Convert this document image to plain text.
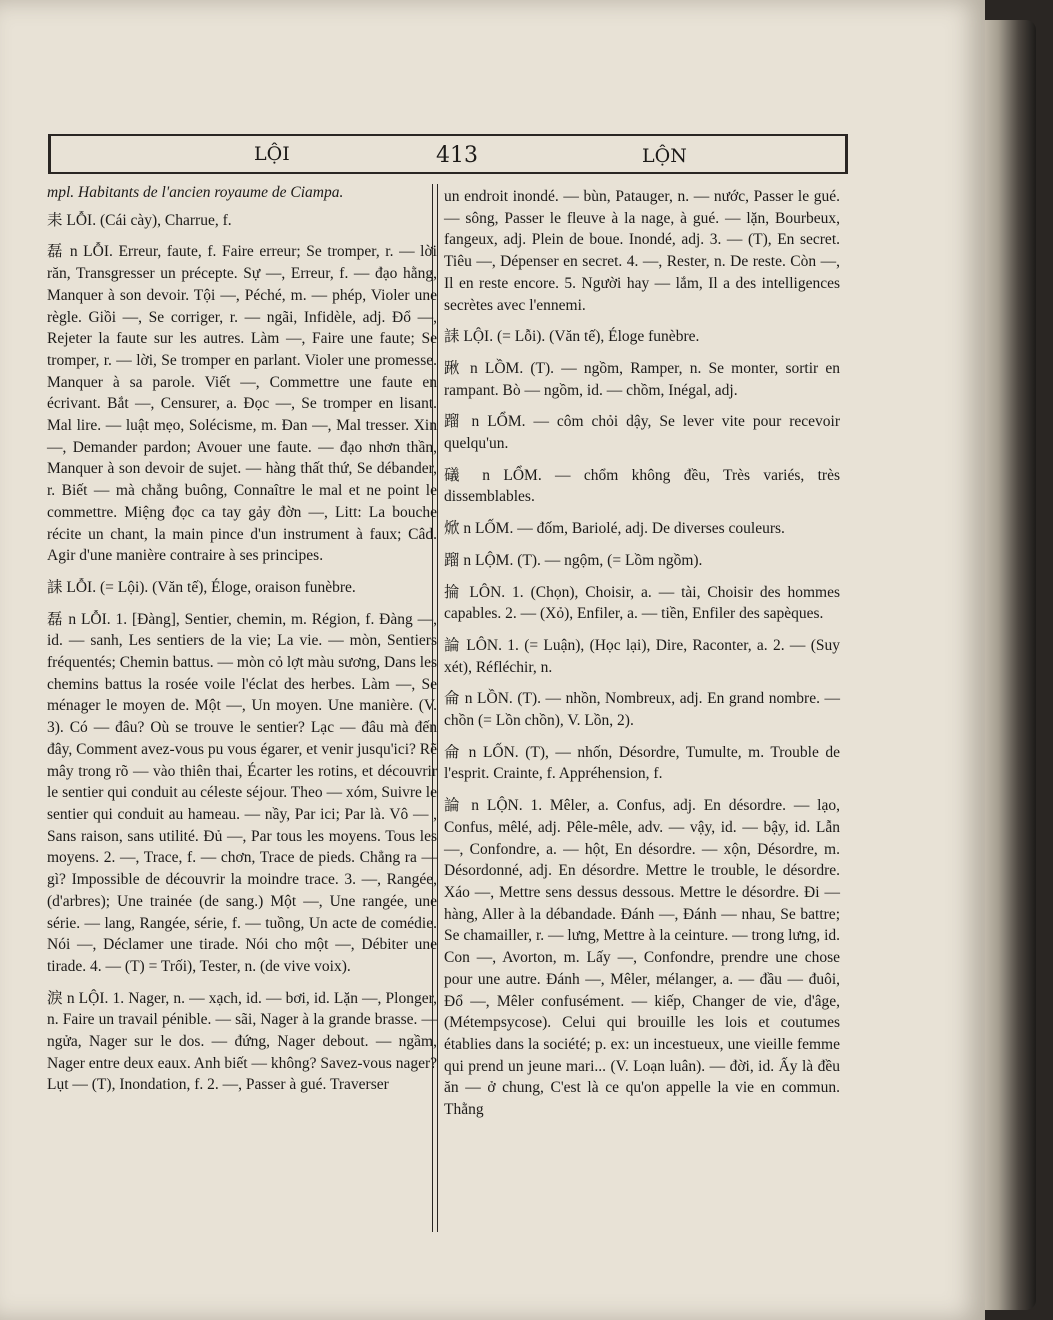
LỘI	413	LỘN
mpl. Habitants de l'ancien royaume de Ciampa.
耒 LỖI. (Cái cày), Charrue, f.
磊 n LỖI. Erreur, faute, f. Faire erreur; Se tromper, r. — lời răn, Transgresser un précepte. Sự —, Erreur, f. — đạo hằng, Manquer à son devoir. Tội —, Péché, m. — phép, Violer une règle. Giồi —, Se corriger, r. — ngãi, Infidèle, adj. Đổ —, Rejeter la faute sur les autres. Làm —, Faire une faute; Se tromper, r. — lời, Se tromper en parlant. Violer une promesse. Manquer à sa parole. Viết —, Commettre une faute en écrivant. Bắt —, Censurer, a. Đọc —, Se tromper en lisant. Mal lire. — luật mẹo, Solécisme, m. Đan —, Mal tresser. Xin —, Demander pardon; Avouer une faute. — đạo nhơn thần, Manquer à son devoir de sujet. — hàng thất thứ, Se débander, r. Biết — mà chẳng buông, Connaître le mal et ne point le commettre. Miệng đọc ca tay gảy đờn —, Litt: La bouche récite un chant, la main pince d'un instrument à faux; Câd. Agir d'une manière contraire à ses principes.
誄 LỖI. (= Lội). (Văn tế), Éloge, oraison funèbre.
磊 n LỖI. 1. [Đàng], Sentier, chemin, m. Région, f. Đàng —, id. — sanh, Les sentiers de la vie; La vie. — mòn, Sentiers fréquentés; Chemin battus. — mòn cỏ lợt màu sương, Dans les chemins battus la rosée voile l'éclat des herbes. Làm —, Se ménager le moyen de. Một —, Un moyen. Une manière. (V. 3). Có — đâu? Où se trouve le sentier? Lạc — đâu mà đến đây, Comment avez-vous pu vous égarer, et venir jusqu'ici? Rẽ mây trong rõ — vào thiên thai, Écarter les rotins, et découvrir le sentier qui conduit au céleste séjour. Theo — xóm, Suivre le sentier qui conduit au hameau. — nầy, Par ici; Par là. Vô — , Sans raison, sans utilité. Đủ —, Par tous les moyens. Tous les moyens. 2. —, Trace, f. — chơn, Trace de pieds. Chẳng ra — gì? Impossible de découvrir la moindre trace. 3. —, Rangée, (d'arbres); Une trainée (de sang.) Một —, Une rangée, une série. — lang, Rangée, série, f. — tuồng, Un acte de comédie. Nói —, Déclamer une tirade. Nói cho một —, Débiter une tirade. 4. — (T) = Trối), Tester, n. (de vive voix).
淚 n LỘI. 1. Nager, n. — xạch, id. — bơi, id. Lặn —, Plonger, n. Faire un travail pénible. — sãi, Nager à la grande brasse. — ngửa, Nager sur le dos. — đứng, Nager debout. — ngầm, Nager entre deux eaux. Anh biết — không? Savez-vous nager? Lụt — (T), Inondation, f. 2. —, Passer à gué. Traverser
un endroit inondé. — bùn, Patauger, n. — nước, Passer le gué. — sông, Passer le fleuve à la nage, à gué. — lặn, Bourbeux, fangeux, adj. Plein de boue. Inondé, adj. 3. — (T), En secret. Tiêu —, Dépenser en secret. 4. —, Rester, n. De reste. Còn —, Il en reste encore. 5. Người hay — lắm, Il a des intelligences secrètes avec l'ennemi.
誄 LỘI. (= Lỗi). (Văn tế), Éloge funèbre.
踿 n LỒM. (T). — ngồm, Ramper, n. Se monter, sortir en rampant. Bò — ngồm, id. — chồm, Inégal, adj.
蹓 n LỔM. — côm chỏi dậy, Se lever vite pour recevoir quelqu'un.
礒 n LỔM. — chổm không đều, Très variés, très dissemblables.
焮 n LỐM. — đốm, Bariolé, adj. De diverses couleurs.
蹓 n LỘM. (T). — ngộm, (= Lồm ngồm).
掄 LÔN. 1. (Chọn), Choisir, a. — tài, Choisir des hommes capables. 2. — (Xỏ), Enfiler, a. — tiền, Enfiler des sapèques.
論 LÔN. 1. (= Luận), (Học lại), Dire, Raconter, a. 2. — (Suy xét), Réfléchir, n.
侖 n LỒN. (T). — nhồn, Nombreux, adj. En grand nombre. — chồn (= Lồn chồn), V. Lồn, 2).
侖 n LỐN. (T), — nhốn, Désordre, Tumulte, m. Trouble de l'esprit. Crainte, f. Appréhension, f.
論 n LỘN. 1. Mêler, a. Confus, adj. En désordre. — lạo, Confus, mêlé, adj. Pêle-mêle, adv. — vậy, id. — bậy, id. Lẫn —, Confondre, a. — hột, En désordre. — xộn, Désordre, m. Désordonné, adj. En désordre. Mettre le trouble, le désordre. Xáo —, Mettre sens dessus dessous. Mettre le désordre. Đi — hàng, Aller à la débandade. Đánh —, Đánh — nhau, Se battre; Se chamailler, r. — lưng, Mettre à la ceinture. — trong lưng, id. Con —, Avorton, m. Lấy —, Confondre, prendre une chose pour une autre. Đánh —, Mêler, mélanger, a. — đầu — đuôi, Đổ —, Mêler confusément. — kiếp, Changer de vie, d'âge, (Métempsycose). Celui qui brouille les lois et coutumes établies dans la société; p. ex: un incestueux, une vieille femme qui prend un jeune mari... (V. Loạn luân). — đời, id. Ấy là đều ăn — ở chung, C'est là ce qu'on appelle la vie en commun. Thằng
